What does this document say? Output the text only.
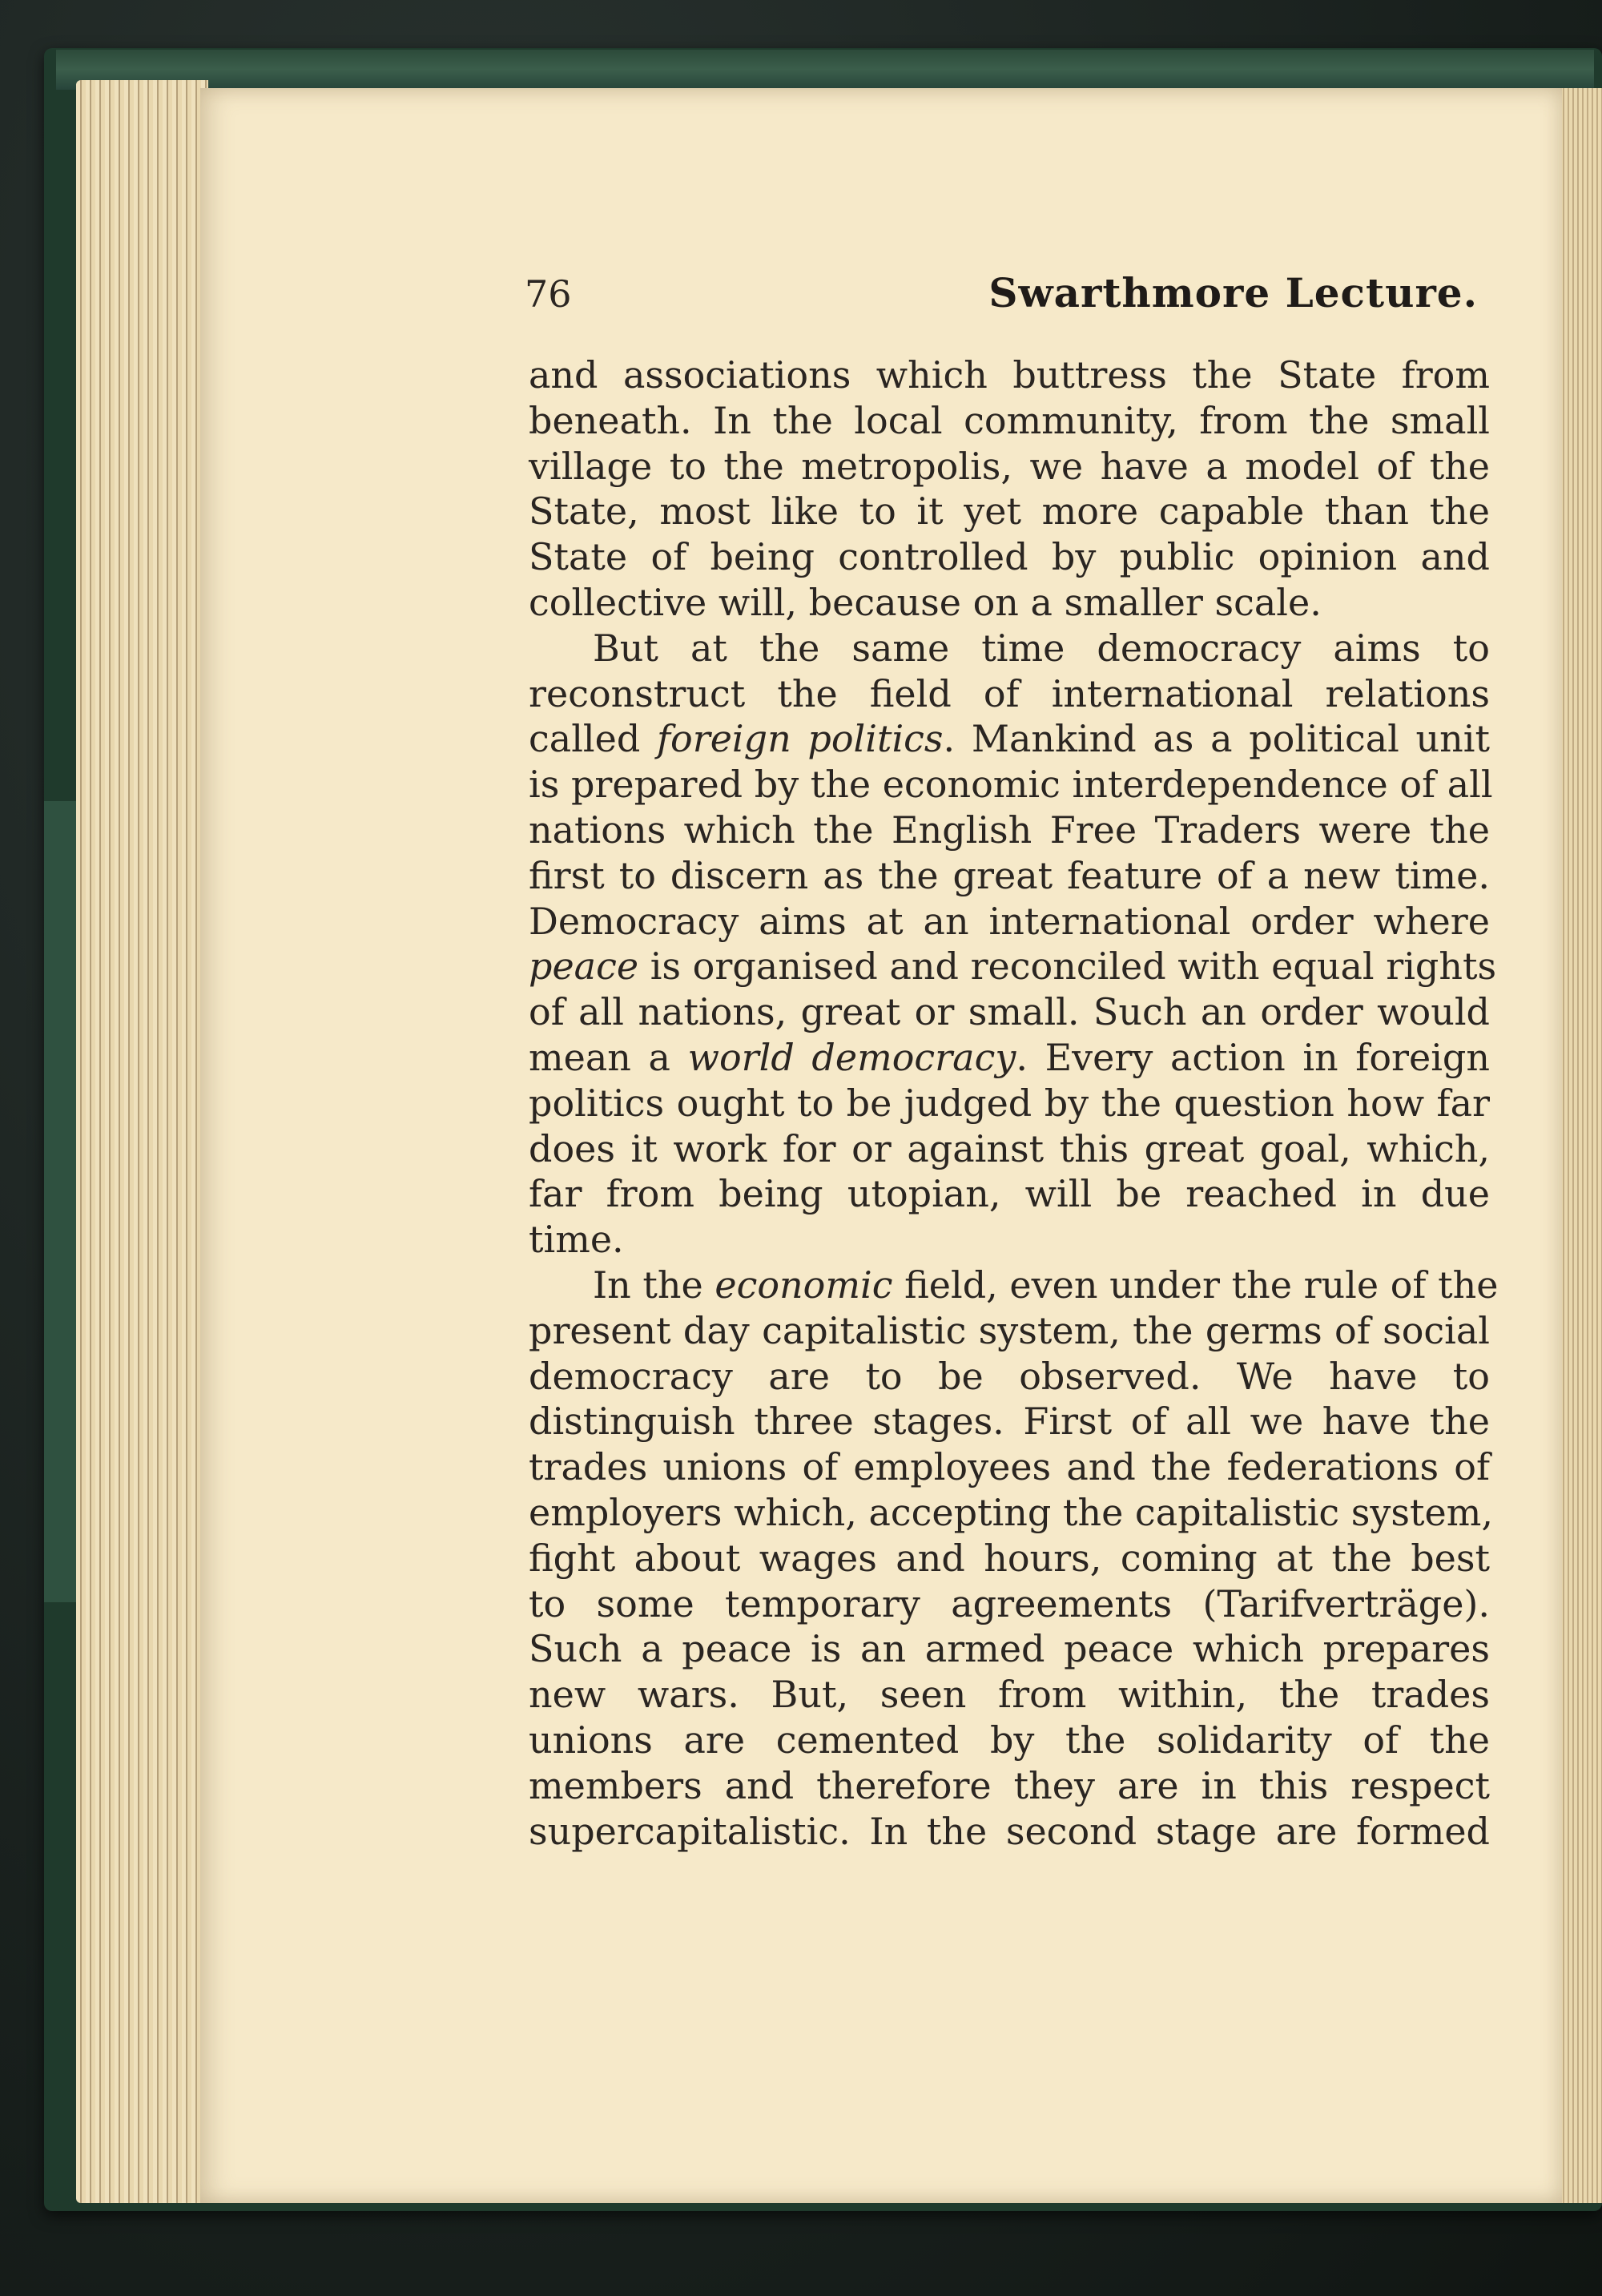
76	Swarthmore Lecture.
and associations which buttress the State from
beneath. In the local community, from the small
village to the metropolis, we have a model of the
State, most like to it yet more capable than the
State of being controlled by public opinion and
collective will, because on a smaller scale.
But at the same time democracy aims to
reconstruct the field of international relations
called foreign politics. Mankind as a political unit
is prepared by the economic interdependence of all
nations which the English Free Traders were the
first to discern as the great feature of a new time.
Democracy aims at an international order where
peace is organised and reconciled with equal rights
of all nations, great or small. Such an order would
mean a world democracy. Every action in foreign
politics ought to be judged by the question how far
does it work for or against this great goal, which,
far from being utopian, will be reached in due
time.
In the economic field, even under the rule of the
present day capitalistic system, the germs of social
democracy are to be observed. We have to
distinguish three stages. First of all we have the
trades unions of employees and the federations of
employers which, accepting the capitalistic system,
fight about wages and hours, coming at the best
to some temporary agreements (Tarifverträge).
Such a peace is an armed peace which prepares
new wars. But, seen from within, the trades
unions are cemented by the solidarity of the
members and therefore they are in this respect
supercapitalistic. In the second stage are formed
